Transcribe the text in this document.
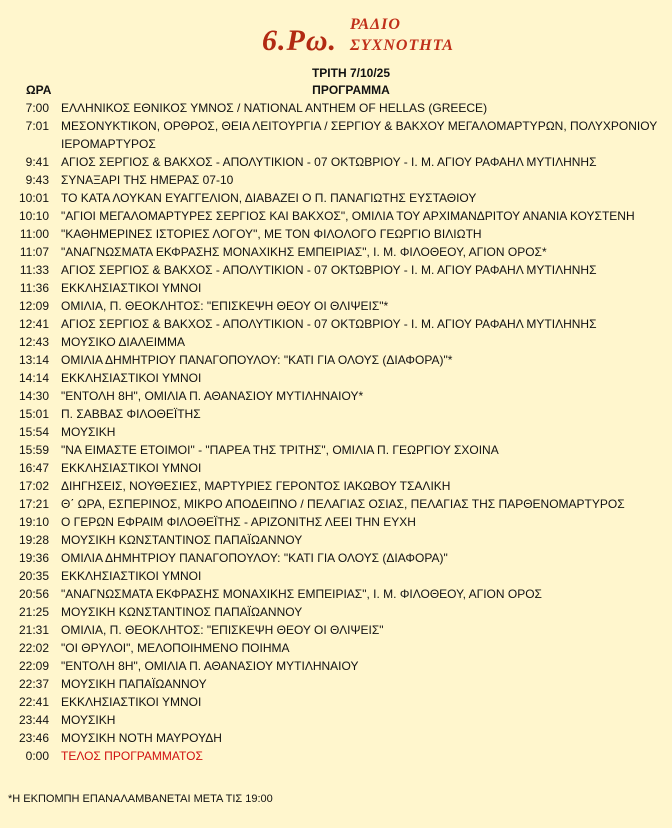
6.Ρω. ΡΑΔΙΟ
ΣΥΧΝΟΤΗΤΑ
ΤΡΙΤΗ 7/10/25
ΩΡΑ	ΠΡΟΓΡΑΜΜΑ
7:00 ΕΛΛΗΝΙΚΟΣ ΕΘΝΙΚΟΣ ΥΜΝΟΣ / NATIONAL ANTHEM OF HELLAS (GREECE)
7:01 ΜΕΣΟΝΥΚΤΙΚΟΝ, ΟΡΘΡΟΣ, ΘΕΙΑ ΛΕΙΤΟΥΡΓΙΑ / ΣΕΡΓΙΟΥ & ΒΑΚΧΟΥ ΜΕΓΑΛΟΜΑΡΤΥΡΩΝ, ΠΟΛΥΧΡΟΝΙΟΥ ΙΕΡΟΜΑΡΤΥΡΟΣ
9:41 ΑΓΙΟΣ ΣΕΡΓΙΟΣ & ΒΑΚΧΟΣ - ΑΠΟΛΥΤΙΚΙΟΝ - 07 ΟΚΤΩΒΡΙΟΥ - Ι. Μ. ΑΓΙΟΥ ΡΑΦΑΗΛ ΜΥΤΙΛΗΝΗΣ
9:43 ΣΥΝΑΞΑΡΙ ΤΗΣ ΗΜΕΡΑΣ 07-10
10:01 ΤΟ ΚΑΤΑ ΛΟΥΚΑΝ ΕΥΑΓΓΕΛΙΟΝ, ΔΙΑΒΑΖΕΙ Ο Π. ΠΑΝΑΓΙΩΤΗΣ ΕΥΣΤΑΘΙΟΥ
10:10 "ΑΓΙΟΙ ΜΕΓΑΛΟΜΑΡΤΥΡΕΣ ΣΕΡΓΙΟΣ ΚΑΙ ΒΑΚΧΟΣ", ΟΜΙΛΙΑ ΤΟΥ ΑΡΧΙΜΑΝΔΡΙΤΟΥ ΑΝΑΝΙΑ ΚΟΥΣΤΕΝΗ
11:00 "ΚΑΘΗΜΕΡΙΝΕΣ ΙΣΤΟΡΙΕΣ ΛΟΓΟΥ", ΜΕ ΤΟΝ ΦΙΛΟΛΟΓΟ ΓΕΩΡΓΙΟ ΒΙΛΙΩΤΗ
11:07 "ΑΝΑΓΝΩΣΜΑΤΑ ΕΚΦΡΑΣΗΣ ΜΟΝΑΧΙΚΗΣ ΕΜΠΕΙΡΙΑΣ", Ι. Μ. ΦΙΛΟΘΕΟΥ, ΑΓΙΟΝ ΟΡΟΣ*
11:33 ΑΓΙΟΣ ΣΕΡΓΙΟΣ & ΒΑΚΧΟΣ - ΑΠΟΛΥΤΙΚΙΟΝ - 07 ΟΚΤΩΒΡΙΟΥ - Ι. Μ. ΑΓΙΟΥ ΡΑΦΑΗΛ ΜΥΤΙΛΗΝΗΣ
11:36 ΕΚΚΛΗΣΙΑΣΤΙΚΟΙ ΥΜΝΟΙ
12:09 ΟΜΙΛΙΑ, Π. ΘΕΟΚΛΗΤΟΣ: "ΕΠΙΣΚΕΨΗ ΘΕΟΥ ΟΙ ΘΛΙΨΕΙΣ"*
12:41 ΑΓΙΟΣ ΣΕΡΓΙΟΣ & ΒΑΚΧΟΣ - ΑΠΟΛΥΤΙΚΙΟΝ - 07 ΟΚΤΩΒΡΙΟΥ - Ι. Μ. ΑΓΙΟΥ ΡΑΦΑΗΛ ΜΥΤΙΛΗΝΗΣ
12:43 ΜΟΥΣΙΚΟ ΔΙΑΛΕΙΜΜΑ
13:14 ΟΜΙΛΙΑ ΔΗΜΗΤΡΙΟΥ ΠΑΝΑΓΟΠΟΥΛΟΥ: "ΚΑΤΙ ΓΙΑ ΟΛΟΥΣ (ΔΙΑΦΟΡΑ)"*
14:14 ΕΚΚΛΗΣΙΑΣΤΙΚΟΙ ΥΜΝΟΙ
14:30 "ΕΝΤΟΛΗ 8Η", ΟΜΙΛΙΑ Π. ΑΘΑΝΑΣΙΟΥ ΜΥΤΙΛΗΝΑΙΟΥ*
15:01 Π. ΣΑΒΒΑΣ ΦΙΛΟΘΕΪΤΗΣ
15:54 ΜΟΥΣΙΚΗ
15:59 "ΝΑ ΕΙΜΑΣΤΕ ΕΤΟΙΜΟΙ" - "ΠΑΡΕΑ ΤΗΣ ΤΡΙΤΗΣ", ΟΜΙΛΙΑ Π. ΓΕΩΡΓΙΟΥ ΣΧΟΙΝΑ
16:47 ΕΚΚΛΗΣΙΑΣΤΙΚΟΙ ΥΜΝΟΙ
17:02 ΔΙΗΓΗΣΕΙΣ, ΝΟΥΘΕΣΙΕΣ, ΜΑΡΤΥΡΙΕΣ ΓΕΡΟΝΤΟΣ ΙΑΚΩΒΟΥ ΤΣΑΛΙΚΗ
17:21 Θ΄ ΩΡΑ, ΕΣΠΕΡΙΝΟΣ, ΜΙΚΡΟ ΑΠΟΔΕΙΠΝΟ / ΠΕΛΑΓΙΑΣ ΟΣΙΑΣ, ΠΕΛΑΓΙΑΣ ΤΗΣ ΠΑΡΘΕΝΟΜΑΡΤΥΡΟΣ
19:10 Ο ΓΕΡΩΝ ΕΦΡΑΙΜ ΦΙΛΟΘΕΪΤΗΣ - ΑΡΙΖΟΝΙΤΗΣ ΛΕΕΙ ΤΗΝ ΕΥΧΗ
19:28 ΜΟΥΣΙΚΗ ΚΩΝΣΤΑΝΤΙΝΟΣ ΠΑΠΑΪΩΑΝΝΟΥ
19:36 ΟΜΙΛΙΑ ΔΗΜΗΤΡΙΟΥ ΠΑΝΑΓΟΠΟΥΛΟΥ: "ΚΑΤΙ ΓΙΑ ΟΛΟΥΣ (ΔΙΑΦΟΡΑ)"
20:35 ΕΚΚΛΗΣΙΑΣΤΙΚΟΙ ΥΜΝΟΙ
20:56 "ΑΝΑΓΝΩΣΜΑΤΑ ΕΚΦΡΑΣΗΣ ΜΟΝΑΧΙΚΗΣ ΕΜΠΕΙΡΙΑΣ", Ι. Μ. ΦΙΛΟΘΕΟΥ, ΑΓΙΟΝ ΟΡΟΣ
21:25 ΜΟΥΣΙΚΗ ΚΩΝΣΤΑΝΤΙΝΟΣ ΠΑΠΑΪΩΑΝΝΟΥ
21:31 ΟΜΙΛΙΑ, Π. ΘΕΟΚΛΗΤΟΣ: "ΕΠΙΣΚΕΨΗ ΘΕΟΥ ΟΙ ΘΛΙΨΕΙΣ"
22:02 "ΟΙ ΘΡΥΛΟΙ", ΜΕΛΟΠΟΙΗΜΕΝΟ ΠΟΙΗΜΑ
22:09 "ΕΝΤΟΛΗ 8Η", ΟΜΙΛΙΑ Π. ΑΘΑΝΑΣΙΟΥ ΜΥΤΙΛΗΝΑΙΟΥ
22:37 ΜΟΥΣΙΚΗ ΠΑΠΑΪΩΑΝΝΟΥ
22:41 ΕΚΚΛΗΣΙΑΣΤΙΚΟΙ ΥΜΝΟΙ
23:44 ΜΟΥΣΙΚΗ
23:46 ΜΟΥΣΙΚΗ ΝΟΤΗ ΜΑΥΡΟΥΔΗ
0:00 ΤΕΛΟΣ ΠΡΟΓΡΑΜΜΑΤΟΣ
*Η ΕΚΠΟΜΠΗ ΕΠΑΝΑΛΑΜΒΑΝΕΤΑΙ ΜΕΤΑ ΤΙΣ 19:00
